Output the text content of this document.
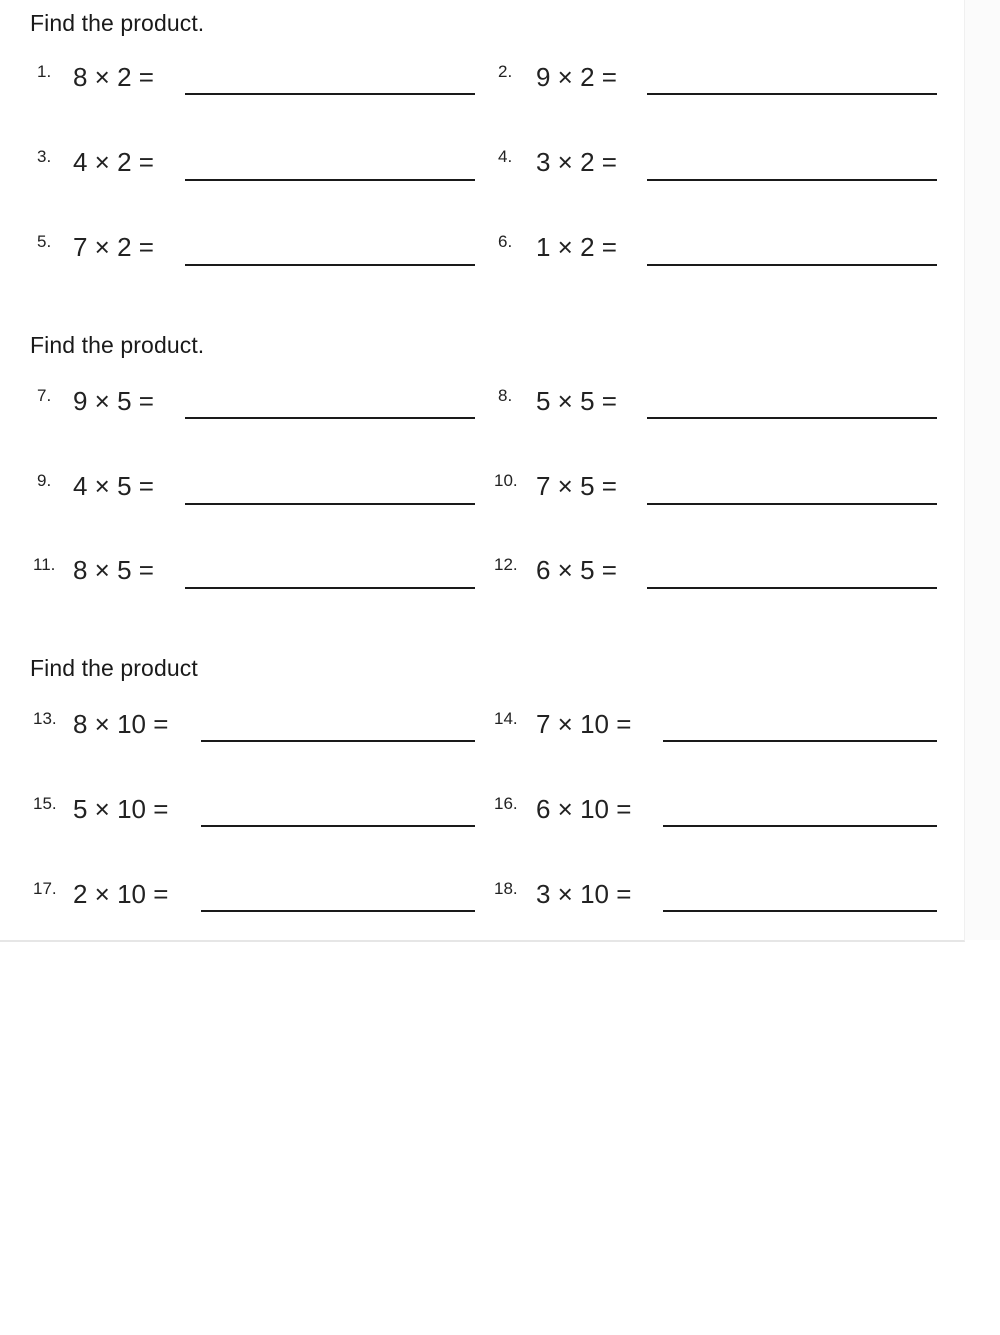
Find the product.
1. 8 × 2 =	2. 9 × 2 =
3. 4 × 2 =	4. 3 × 2 =
5. 7 × 2 =	6. 1 × 2 =
Find the product.
7. 9 × 5 =	8. 5 × 5 =
9. 4 × 5 =	10. 7 × 5 =
11. 8 × 5 =	12. 6 × 5 =
Find the product
13. 8 × 10 =	14. 7 × 10 =
15. 5 × 10 =	16. 6 × 10 =
17. 2 × 10 =	18. 3 × 10 =
